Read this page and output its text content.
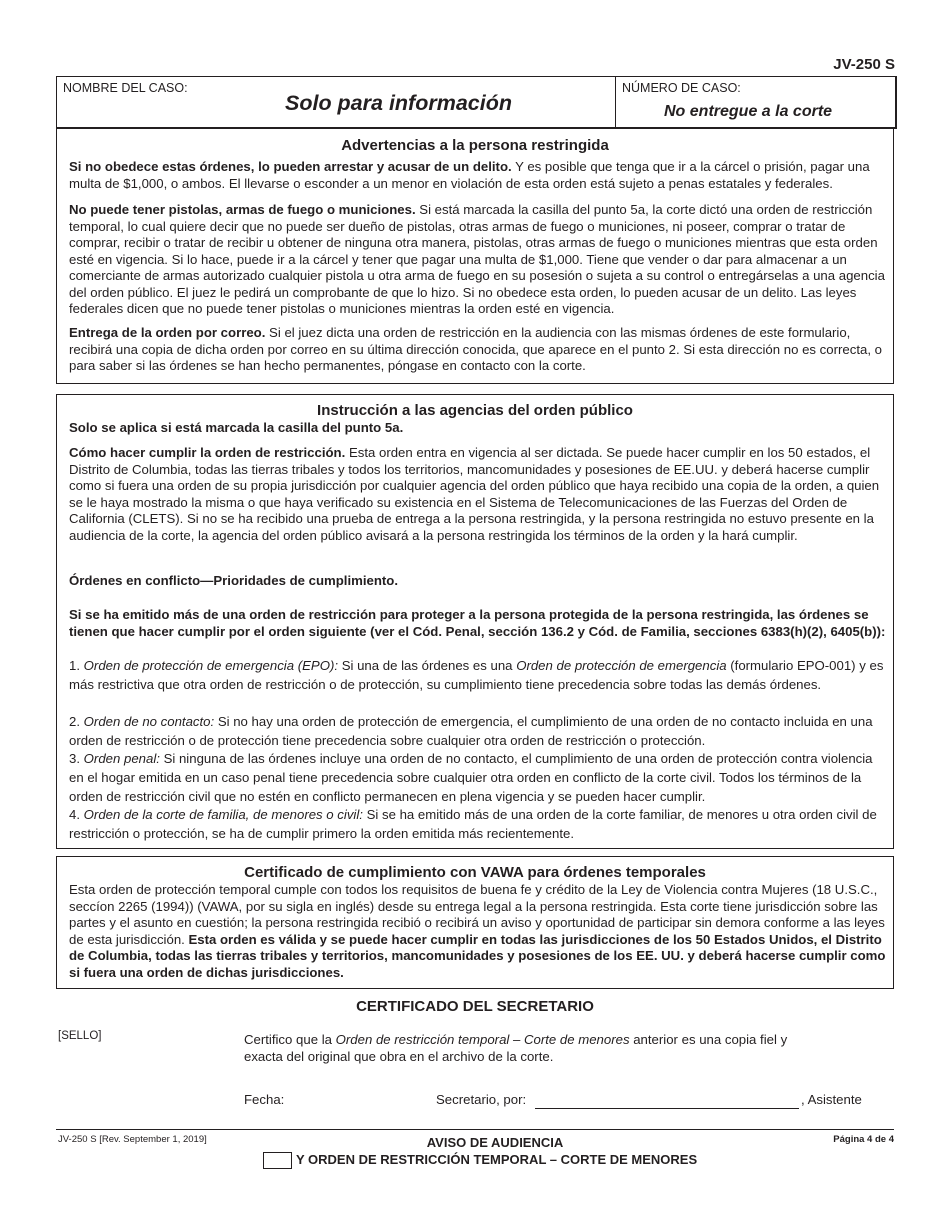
JV-250 S
NOMBRE DEL CASO:
Solo para información
NÚMERO DE CASO:
No entregue a la corte
Advertencias a la persona restringida

Si no obedece estas órdenes, lo pueden arrestar y acusar de un delito. Y es posible que tenga que ir a la cárcel o prisión, pagar una multa de $1,000, o ambos. El llevarse o esconder a un menor en violación de esta orden está sujeto a penas estatales y federales.

No puede tener pistolas, armas de fuego o municiones. Si está marcada la casilla del punto 5a, la corte dictó una orden de restricción temporal, lo cual quiere decir que no puede ser dueño de pistolas, otras armas de fuego o municiones, ni poseer, comprar o tratar de comprar, recibir o tratar de recibir u obtener de ninguna otra manera, pistolas, otras armas de fuego o municiones mientras que esta orden esté en vigencia. Si lo hace, puede ir a la cárcel y tener que pagar una multa de $1,000. Tiene que vender o dar para almacenar a un comerciante de armas autorizado cualquier pistola u otra arma de fuego en su posesión o sujeta a su control o entregárselas a una agencia del orden público. El juez le pedirá un comprobante de que lo hizo. Si no obedece esta orden, lo pueden acusar de un delito. Las leyes federales dicen que no puede tener pistolas o municiones mientras la orden esté en vigencia.

Entrega de la orden por correo. Si el juez dicta una orden de restricción en la audiencia con las mismas órdenes de este formulario, recibirá una copia de dicha orden por correo en su última dirección conocida, que aparece en el punto 2. Si esta dirección no es correcta, o para saber si las órdenes se han hecho permanentes, póngase en contacto con la corte.

Instrucción a las agencias del orden público

Solo se aplica si está marcada la casilla del punto 5a.

Cómo hacer cumplir la orden de restricción. Esta orden entra en vigencia al ser dictada. Se puede hacer cumplir en los 50 estados, el Distrito de Columbia, todas las tierras tribales y todos los territorios, mancomunidades y posesiones de EE.UU. y deberá hacerse cumplir como si fuera una orden de su propia jurisdicción por cualquier agencia del orden público que haya recibido una copia de la orden, a quien se le haya mostrado la misma o que haya verificado su existencia en el Sistema de Telecomunicaciones de las Fuerzas del Orden de California (CLETS). Si no se ha recibido una prueba de entrega a la persona restringida, y la persona restringida no estuvo presente en la audiencia de la corte, la agencia del orden público avisará a la persona restringida los términos de la orden y la hará cumplir.

Órdenes en conflicto—Prioridades de cumplimiento.

Si se ha emitido más de una orden de restricción para proteger a la persona protegida de la persona restringida, las órdenes se tienen que hacer cumplir por el orden siguiente (ver el Cód. Penal, sección 136.2 y Cód. de Familia, secciones 6383(h)(2), 6405(b)):

1. Orden de protección de emergencia (EPO): Si una de las órdenes es una Orden de protección de emergencia (formulario EPO-001) y es más restrictiva que otra orden de restricción o de protección, su cumplimiento tiene precedencia sobre todas las demás órdenes.

2. Orden de no contacto: Si no hay una orden de protección de emergencia, el cumplimiento de una orden de no contacto incluida en una orden de restricción o de protección tiene precedencia sobre cualquier otra orden de restricción o protección.

3. Orden penal: Si ninguna de las órdenes incluye una orden de no contacto, el cumplimiento de una orden de protección contra violencia en el hogar emitida en un caso penal tiene precedencia sobre cualquier otra orden en conflicto de la corte civil. Todos los términos de la orden de restricción civil que no estén en conflicto permanecen en plena vigencia y se pueden hacer cumplir.

4. Orden de la corte de familia, de menores o civil: Si se ha emitido más de una orden de la corte familiar, de menores u otra orden civil de restricción o protección, se ha de cumplir primero la orden emitida más recientemente.

Certificado de cumplimiento con VAWA para órdenes temporales

Esta orden de protección temporal cumple con todos los requisitos de buena fe y crédito de la Ley de Violencia contra Mujeres (18 U.S.C., seccíon 2265 (1994)) (VAWA, por su sigla en inglés) desde su entrega legal a la persona restringida. Esta corte tiene jurisdicción sobre las partes y el asunto en cuestión; la persona restringida recibió o recibirá un aviso y oportunidad de participar sin demora conforme a las leyes de esta jurisdicción. Esta orden es válida y se puede hacer cumplir en todas las jurisdicciones de los 50 Estados Unidos, el Distrito de Columbia, todas las tierras tribales y territorios, mancomunidades y posesiones de los EE. UU. y deberá hacerse cumplir como si fuera una orden de dichas jurisdicciones.

CERTIFICADO DEL SECRETARIO
[SELLO]	Certifico que la Orden de restricción temporal – Corte de menores anterior es una copia fiel y exacta del original que obra en el archivo de la corte.
Fecha:	Secretario, por:	, Asistente
JV-250 S [Rev. September 1, 2019]	AVISO DE AUDIENCIA
Y ORDEN DE RESTRICCIÓN TEMPORAL – CORTE DE MENORES
Página 4 de 4
